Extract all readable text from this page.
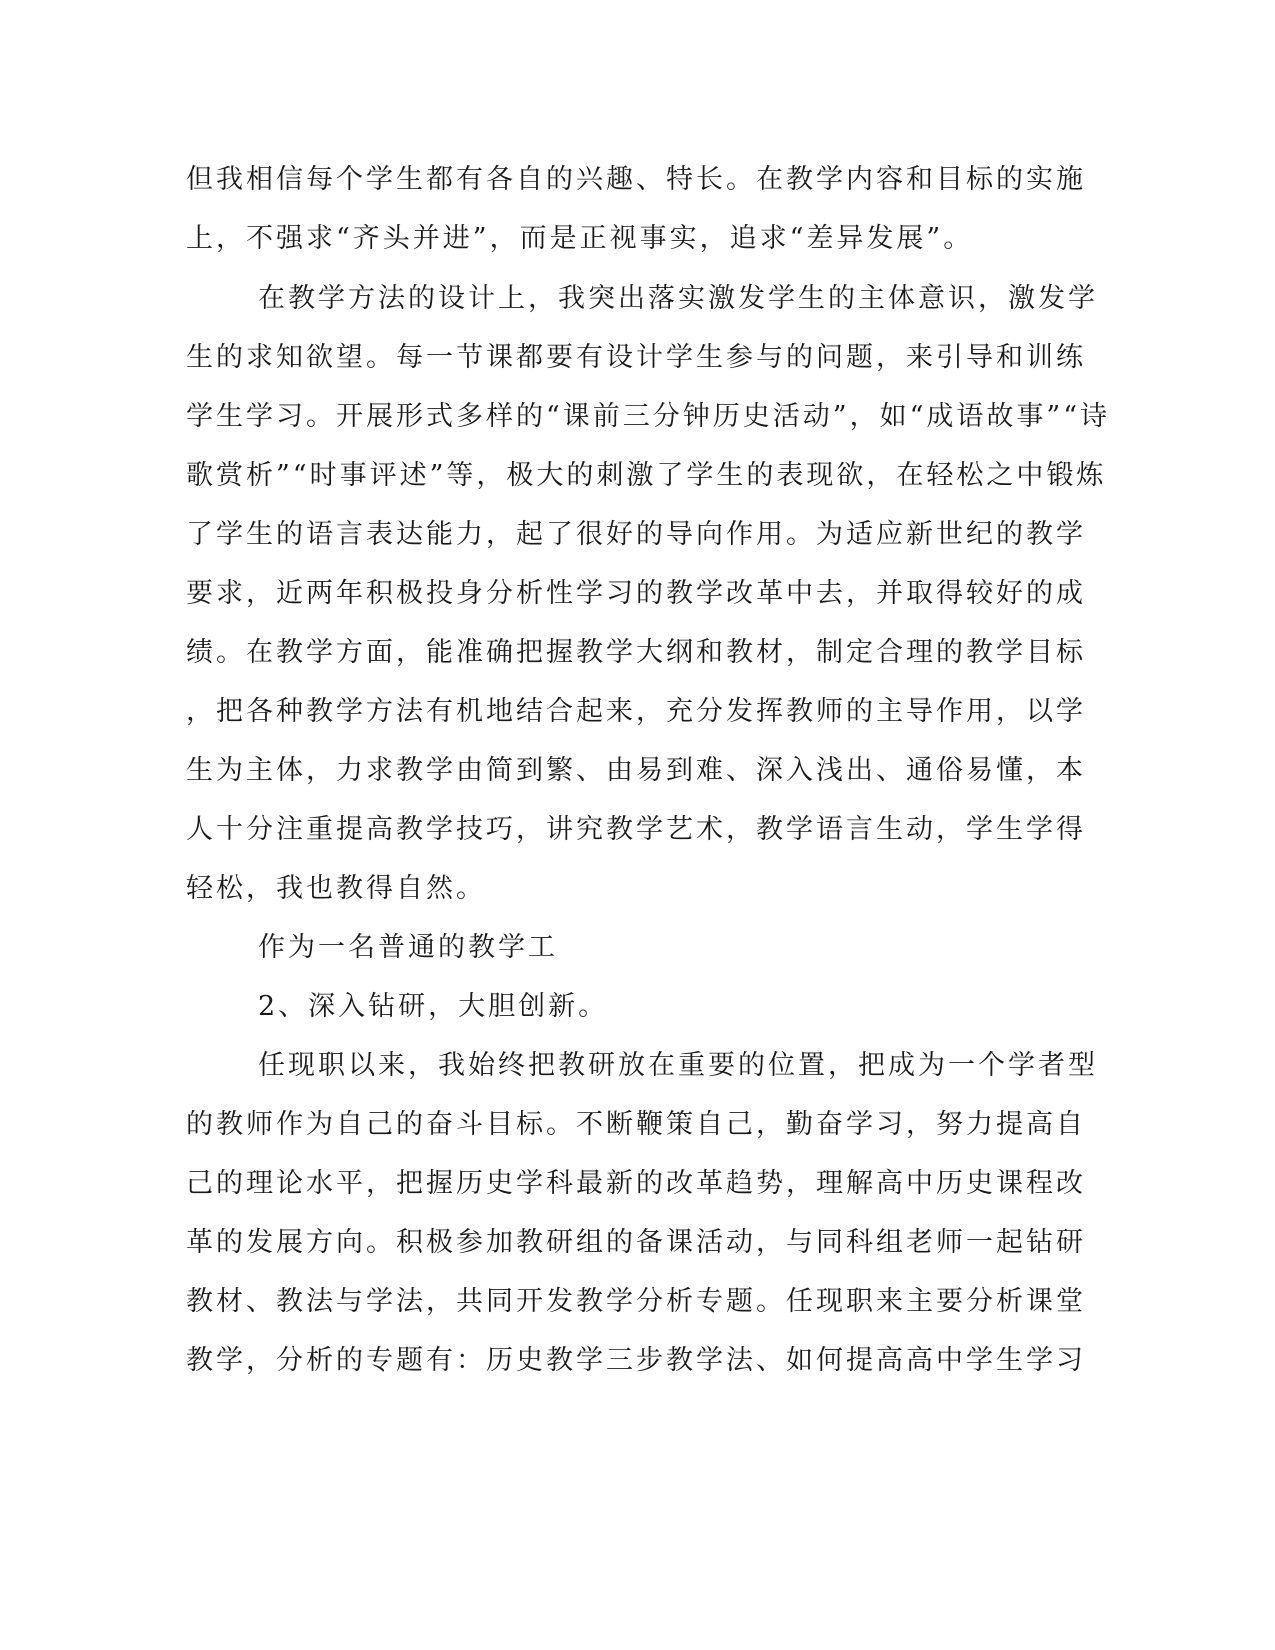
但我相信每个学生都有各自的兴趣、特长。在教学内容和目标的实施
上，不强求“齐头并进”，而是正视事实，追求“差异发展”。
在教学方法的设计上，我突出落实激发学生的主体意识，激发学
生的求知欲望。每一节课都要有设计学生参与的问题，来引导和训练
学生学习。开展形式多样的“课前三分钟历史活动”，如“成语故事”“诗
歌赏析”“时事评述”等，极大的刺激了学生的表现欲，在轻松之中锻炼
了学生的语言表达能力，起了很好的导向作用。为适应新世纪的教学
要求，近两年积极投身分析性学习的教学改革中去，并取得较好的成
绩。在教学方面，能准确把握教学大纲和教材，制定合理的教学目标
，把各种教学方法有机地结合起来，充分发挥教师的主导作用，以学
生为主体，力求教学由简到繁、由易到难、深入浅出、通俗易懂，本
人十分注重提高教学技巧，讲究教学艺术，教学语言生动，学生学得
轻松，我也教得自然。
作为一名普通的教学工
2、深入钻研，大胆创新。
任现职以来，我始终把教研放在重要的位置，把成为一个学者型
的教师作为自己的奋斗目标。不断鞭策自己，勤奋学习，努力提高自
己的理论水平，把握历史学科最新的改革趋势，理解高中历史课程改
革的发展方向。积极参加教研组的备课活动，与同科组老师一起钻研
教材、教法与学法，共同开发教学分析专题。任现职来主要分析课堂
教学，分析的专题有：历史教学三步教学法、如何提高高中学生学习
